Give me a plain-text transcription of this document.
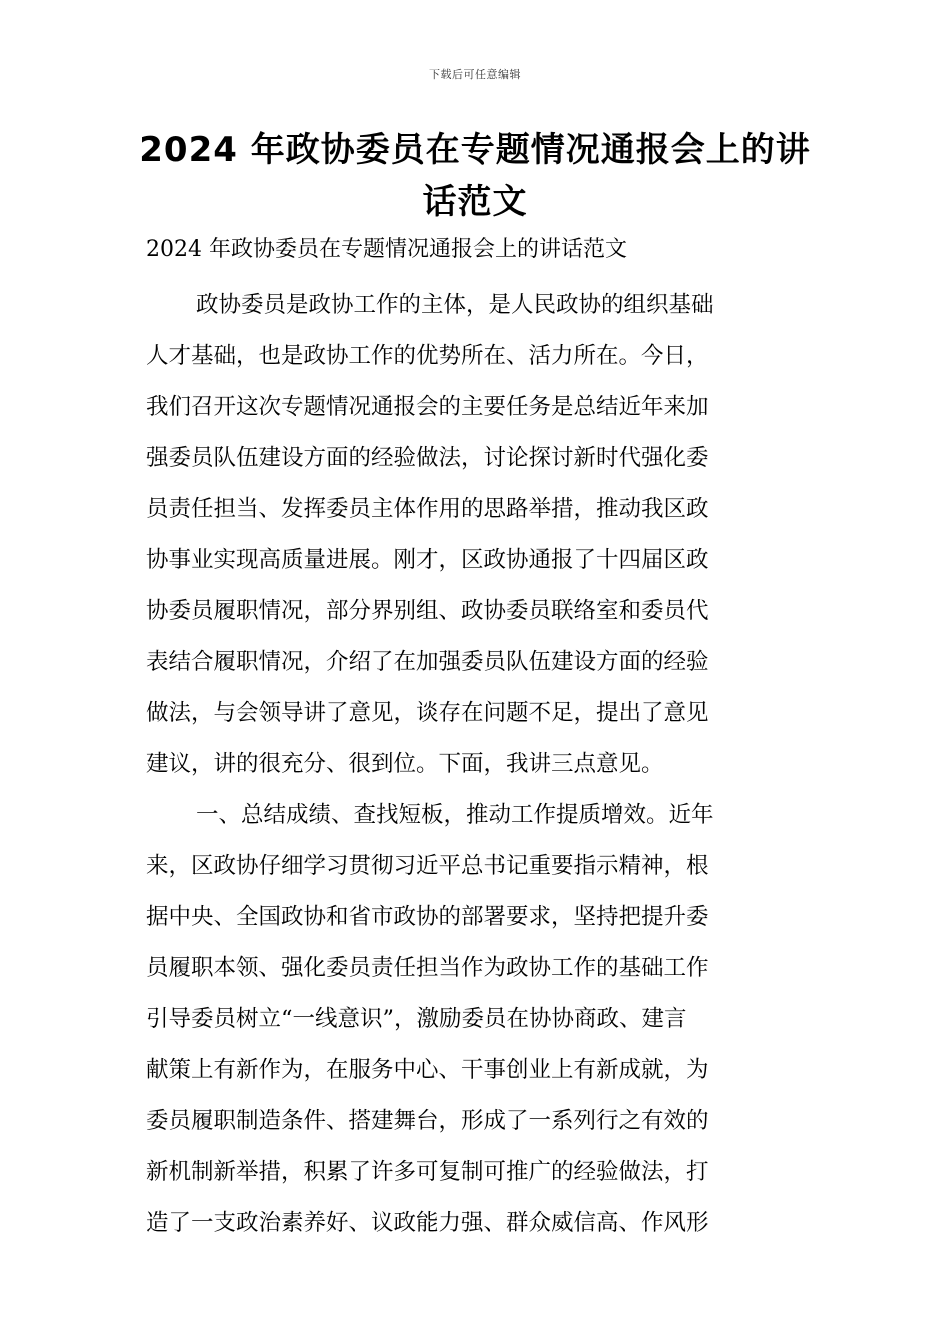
下载后可任意编辑
2024 年政协委员在专题情况通报会上的讲
话范文

2024 年政协委员在专题情况通报会上的讲话范文

政协委员是政协工作的主体，是人民政协的组织基础
人才基础，也是政协工作的优势所在、活力所在。今日，
我们召开这次专题情况通报会的主要任务是总结近年来加
强委员队伍建设方面的经验做法，讨论探讨新时代强化委
员责任担当、发挥委员主体作用的思路举措，推动我区政
协事业实现高质量进展。刚才，区政协通报了十四届区政
协委员履职情况，部分界别组、政协委员联络室和委员代
表结合履职情况，介绍了在加强委员队伍建设方面的经验
做法，与会领导讲了意见，谈存在问题不足，提出了意见
建议，讲的很充分、很到位。下面，我讲三点意见。
一、总结成绩、查找短板，推动工作提质增效。近年
来，区政协仔细学习贯彻习近平总书记重要指示精神，根
据中央、全国政协和省市政协的部署要求，坚持把提升委
员履职本领、强化委员责任担当作为政协工作的基础工作
引导委员树立“一线意识”，激励委员在协协商政、建言
献策上有新作为，在服务中心、干事创业上有新成就，为
委员履职制造条件、搭建舞台，形成了一系列行之有效的
新机制新举措，积累了许多可复制可推广的经验做法，打
造了一支政治素养好、议政能力强、群众威信高、作风形
